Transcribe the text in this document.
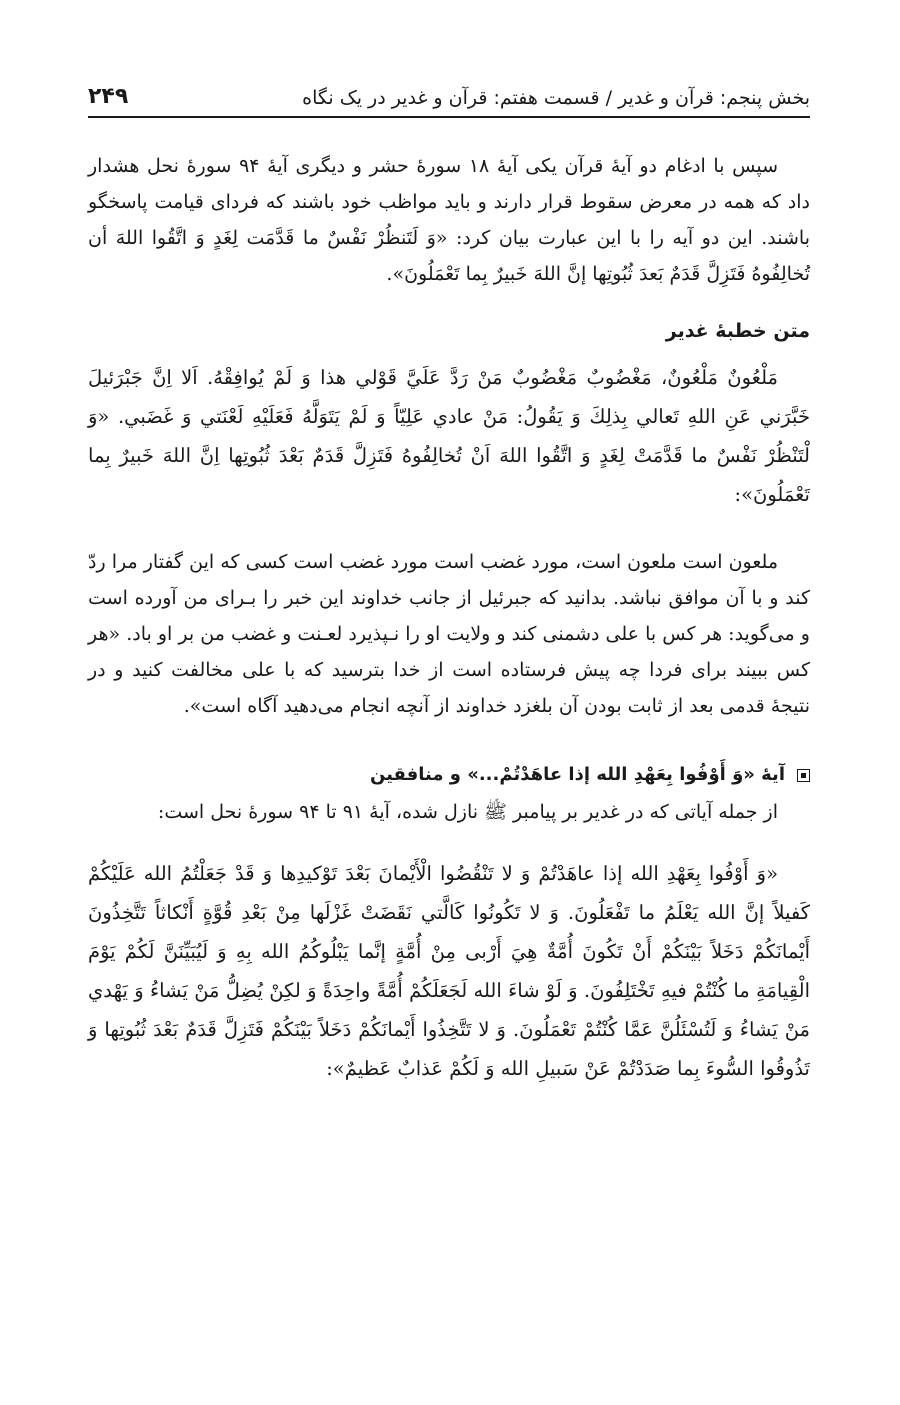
بخش پنجم: قرآن و غدیر / قسمت هفتم: قرآن و غدیر در یک نگاه
۲۴۹

سپس با ادغام دو آیهٔ قرآن یکی آیهٔ ۱۸ سورهٔ حشر و دیگری آیهٔ ۹۴ سورهٔ نحل هشدار داد که همه در معرض سقوط قرار دارند و باید مواظب خود باشند که فردای قیامت پاسخگو باشند. این دو آیه را با این عبارت بیان کرد: «وَ لَتَنظُرْ نَفْسٌ ما قَدَّمَت لِغَدٍ وَ اتَّقُوا اللهَ أن تُخالِفُوهُ فَتَزِلَّ قَدَمٌ بَعدَ ثُبُوتِها إنَّ اللهَ خَبيرٌ بِما تَعْمَلُونَ».

متن خطبهٔ غدیر

مَلْعُونٌ مَلْعُونٌ، مَغْضُوبٌ مَغْضُوبٌ مَنْ رَدَّ عَلَيَّ قَوْلي هذا وَ لَمْ يُوافِقْهُ. اَلا اِنَّ جَبْرَئيلَ خَبَّرَني عَنِ اللهِ تَعالي بِذلِكَ وَ يَقُولُ: مَنْ عادي عَلِيّاً وَ لَمْ يَتَوَلَّهُ فَعَلَيْهِ لَعْنَتي وَ غَضَبي. «وَ لْتَنْظُرْ نَفْسٌ ما قَدَّمَتْ لِغَدٍ وَ اتَّقُوا اللهَ اَنْ تُخالِفُوهُ فَتَزِلَّ قَدَمٌ بَعْدَ ثُبُوتِها اِنَّ اللهَ خَبيرٌ بِما تَعْمَلُونَ»:

ملعون است ملعون است، مورد غضب است مورد غضب است کسی که این گفتار مرا ردّ کند و با آن موافق نباشد. بدانید که جبرئیل از جانب خداوند این خبر را بـرای من آورده است و می‌گوید: هر کس با علی دشمنی کند و ولایت او را نـپذیرد لعـنت و غضب من بر او باد. «هر کس ببیند برای فردا چه پیش فرستاده است از خدا بترسید که با علی مخالفت کنید و در نتیجهٔ قدمی بعد از ثابت بودن آن بلغزد خداوند از آنچه انجام می‌دهید آگاه است».

آیهٔ «وَ أَوْفُوا بِعَهْدِ الله إذا عاهَدْتُمْ...» و منافقین

از جمله آیاتی که در غدیر بر پیامبر ﷺ نازل شده، آیهٔ ۹۱ تا ۹۴ سورهٔ نحل است:

«وَ أَوْفُوا بِعَهْدِ الله إذا عاهَدْتُمْ وَ لا تَنْقُضُوا الْأَيْمانَ بَعْدَ تَوْكيدِها وَ قَدْ جَعَلْتُمُ الله عَلَيْكُمْ كَفيلاً إنَّ الله يَعْلَمُ ما تَفْعَلُونَ. وَ لا تَكُونُوا كَالَّتي نَقَضَتْ غَزْلَها مِنْ بَعْدِ قُوَّةٍ أَنْكاثاً تَتَّخِذُونَ أَيْمانَكُمْ دَخَلاً بَيْنَكُمْ أَنْ تَكُونَ أُمَّةٌ هِيَ أَرْبى مِنْ أُمَّةٍ إنَّما يَبْلُوكُمُ الله بِهِ وَ لَيُبَيِّنَنَّ لَكُمْ يَوْمَ الْقِيامَةِ ما كُنْتُمْ فيهِ تَخْتَلِفُونَ. وَ لَوْ شاءَ الله لَجَعَلَكُمْ أُمَّةً واحِدَةً وَ لكِنْ يُضِلُّ مَنْ يَشاءُ وَ يَهْدي مَنْ يَشاءُ وَ لَتُسْئَلُنَّ عَمَّا كُنْتُمْ تَعْمَلُونَ. وَ لا تَتَّخِذُوا أَيْمانَكُمْ دَخَلاً بَيْنَكُمْ فَتَزِلَّ قَدَمٌ بَعْدَ ثُبُوتِها وَ تَذُوقُوا السُّوءَ بِما صَدَدْتُمْ عَنْ سَبيلِ الله وَ لَكُمْ عَذابٌ عَظيمٌ»:
